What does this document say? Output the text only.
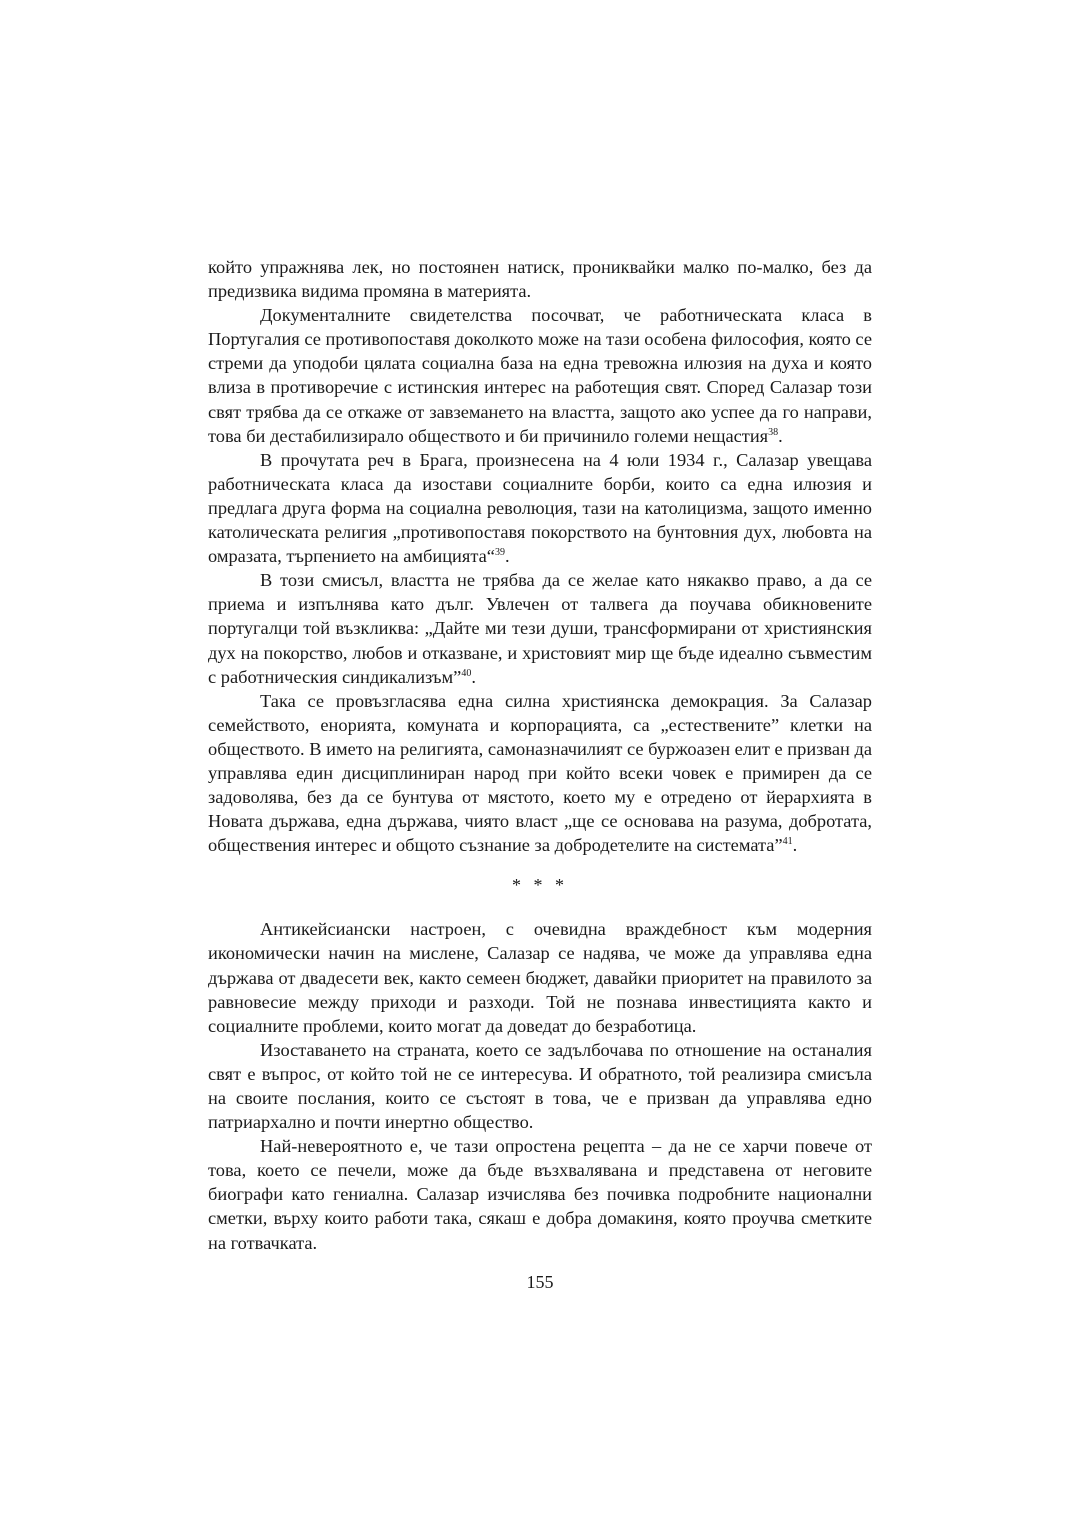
който упражнява лек, но постоянен натиск, прониквайки малко по-малко, без да предизвика видима промяна в материята.

Документалните свидетелства посочват, че работническата класа в Португалия се противопоставя доколкото може на тази особена философия, която се стреми да уподоби цялата социална база на една тревожна илюзия на духа и която влиза в противоречие с истинския интерес на работещия свят. Според Салазар този свят трябва да се откаже от завземането на властта, защото ако успее да го направи, това би дестабилизирало обществото и би причинило големи нещастия$^{38}$.

В прочутата реч в Брага, произнесена на 4 юли 1934 г., Салазар увещава работническата класа да изостави социалните борби, които са една илюзия и предлага друга форма на социална революция, тази на католицизма, защото именно католическата религия „противопоставя покорството на бунтовния дух, любовта на омразата, търпението на амбицията“$^{39}$.

В този смисъл, властта не трябва да се желае като някакво право, а да се приема и изпълнява като дълг. Увлечен от талвега да поучава обикновените португалци той възкликва: „Дайте ми тези души, трансформирани от християнския дух на покорство, любов и отказване, и христовият мир ще бъде идеално съвместим с работническия синдикализъм”$^{40}$.

Така се провъзгласява една силна християнска демокрация. За Салазар семейството, енорията, комуната и корпорацията, са „естествените” клетки на обществото. В името на религията, самоназначилият се буржоазен елит е призван да управлява един дисциплиниран народ при който всеки човек е примирен да се задоволява, без да се бунтува от мястото, което му е отредено от йерархията в Новата държава, една държава, чиято власт „ще се основава на разума, добротата, обществения интерес и общото съзнание за добродетелите на системата”$^{41}$.

* * *

Антикейсиански настроен, с очевидна враждебност към модерния икономически начин на мислене, Салазар се надява, че може да управлява една държава от двадесети век, както семеен бюджет, давайки приоритет на правилото за равновесие между приходи и разходи. Той не познава инвестицията както и социалните проблеми, които могат да доведат до безработица.

Изоставането на страната, което се задълбочава по отношение на останалия свят е въпрос, от който той не се интересува. И обратното, той реализира смисъла на своите послания, които се състоят в това, че е призван да управлява едно патриархално и почти инертно общество.

Най-невероятното е, че тази опростена рецепта – да не се харчи повече от това, което се печели, може да бъде възхвалявана и представена от неговите биографи като гениална. Салазар изчислява без почивка подробните национални сметки, върху които работи така, сякаш е добра домакиня, която проучва сметките на готвачката.

155
